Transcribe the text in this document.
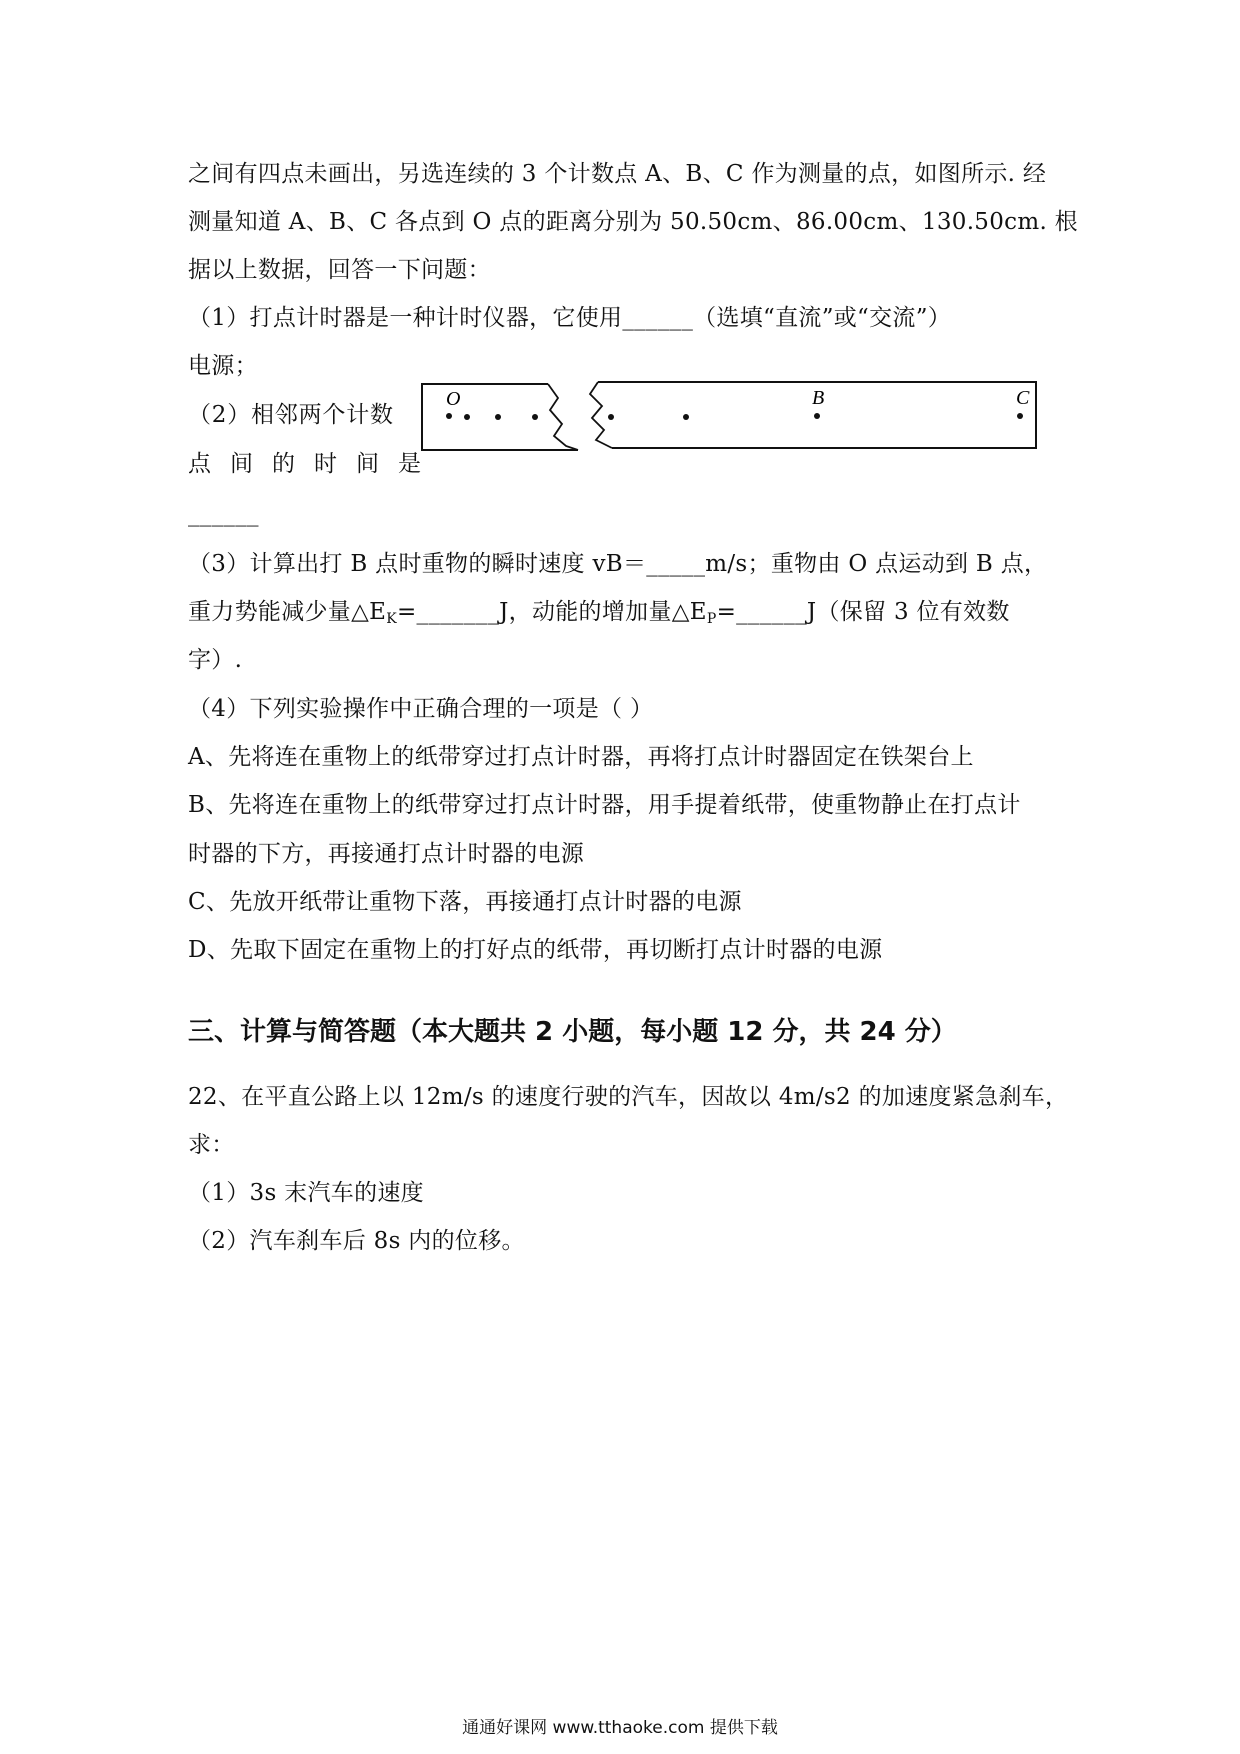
之间有四点未画出，另选连续的 3 个计数点 A、B、C 作为测量的点，如图所示. 经
测量知道 A、B、C 各点到 O 点的距离分别为 50.50cm、86.00cm、130.50cm. 根
据以上数据，回答一下问题：
（1）打点计时器是一种计时仪器，它使用______（选填“直流”或“交流”）
电源；
（2）相邻两个计数
点间的时间是
______
O	B	C
（3）计算出打 B 点时重物的瞬时速度 vB＝_____m/s；重物由 O 点运动到 B 点，
重力势能减少量△EK=_______J，动能的增加量△EP=______J（保留 3 位有效数
字）.
（4）下列实验操作中正确合理的一项是（ ）
A、先将连在重物上的纸带穿过打点计时器，再将打点计时器固定在铁架台上
B、先将连在重物上的纸带穿过打点计时器，用手提着纸带，使重物静止在打点计
时器的下方，再接通打点计时器的电源
C、先放开纸带让重物下落，再接通打点计时器的电源
D、先取下固定在重物上的打好点的纸带，再切断打点计时器的电源
三、计算与简答题（本大题共 2 小题，每小题 12 分，共 24 分）
22、在平直公路上以 12m/s 的速度行驶的汽车，因故以 4m/s2 的加速度紧急刹车，
求：
（1）3s 末汽车的速度
（2）汽车刹车后 8s 内的位移。
通通好课网 www.tthaoke.com 提供下载
